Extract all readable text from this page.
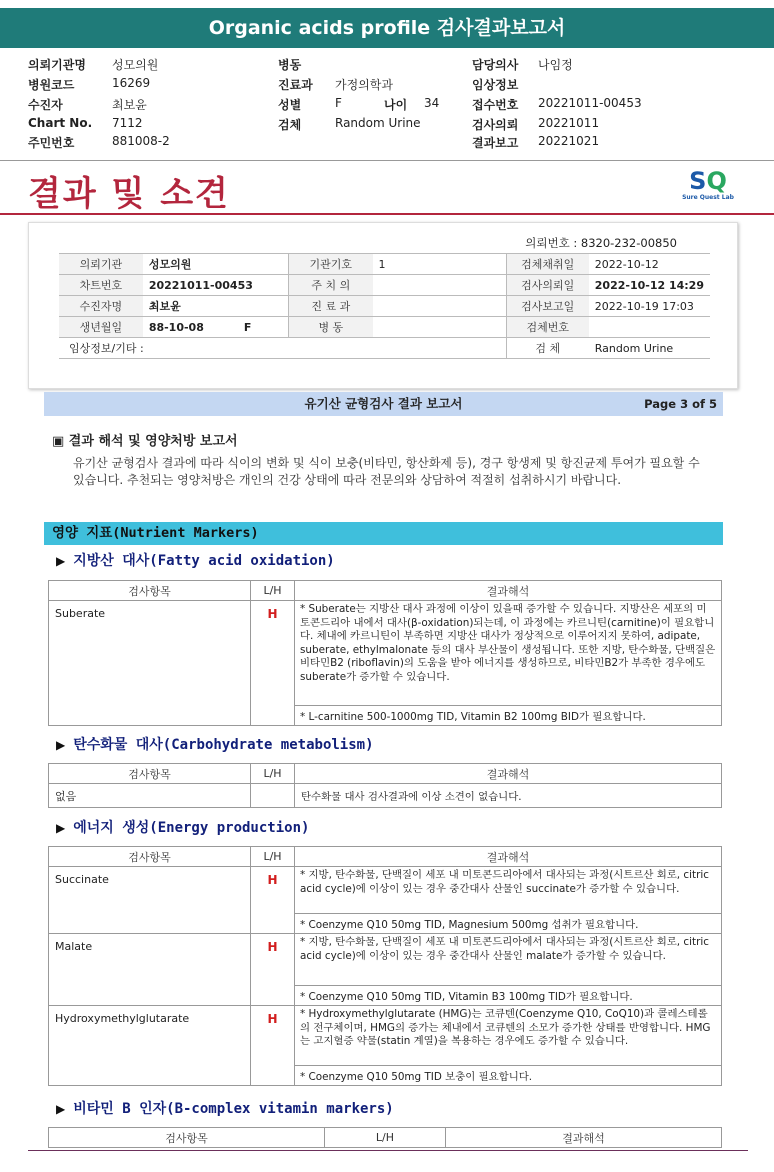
Organic acids profile 검사결과보고서
의뢰기관명 성모의원
병원코드	16269
수진자	최보윤
Chart No. 7112
주민번호	881008-2
병동
진료과 가정의학과
성별	F	나이 34
검체	Random Urine
담당의사 나임정
임상정보
접수번호 20221011-00453
검사의뢰 20221011
결과보고 20221021
결과 및 소견	SQ
Sure Quest Lab
의뢰번호 : 8320-232-00850
의뢰기관	성모의원	기관기호	1	검체채취일	2022-10-12
차트번호	20221011-00453	주 치 의		검사의뢰일	2022-10-12 14:29
수진자명	최보윤	진 료 과		검사보고일	2022-10-19 17:03
생년월일	88-10-08 F	병 동		검체번호	
임상정보/기타 :				검 체	Random Urine
유기산 균형검사 결과 보고서	Page 3 of 5
▣ 결과 해석 및 영양처방 보고서
유기산 균형검사 결과에 따라 식이의 변화 및 식이 보충(비타민, 항산화제 등), 경구 항생제 및 항진균제 투여가 필요할 수 있습니다. 추천되는 영양처방은 개인의 건강 상태에 따라 전문의와 상담하여 적절히 섭취하시기 바랍니다.
영양 지표(Nutrient Markers)
▶ 지방산 대사(Fatty acid oxidation)
검사항목	L/H	결과해석
Suberate	H	* Suberate는 지방산 대사 과정에 이상이 있을때 증가할 수 있습니다. 지방산은 세포의 미토콘드리아 내에서 대사(β-oxidation)되는데, 이 과정에는 카르니틴(carnitine)이 필요합니다. 체내에 카르니틴이 부족하면 지방산 대사가 정상적으로 이루어지지 못하여, adipate, suberate, ethylmalonate 등의 대사 부산물이 생성됩니다. 또한 지방, 탄수화물, 단백질은 비타민B2 (riboflavin)의 도움을 받아 에너지를 생성하므로, 비타민B2가 부족한 경우에도 suberate가 증가할 수 있습니다.
		* L-carnitine 500-1000mg TID, Vitamin B2 100mg BID가 필요합니다.
▶ 탄수화물 대사(Carbohydrate metabolism)
검사항목	L/H	결과해석
없음		탄수화물 대사 검사결과에 이상 소견이 없습니다.
▶ 에너지 생성(Energy production)
검사항목	L/H	결과해석
Succinate	H	* 지방, 탄수화물, 단백질이 세포 내 미토콘드리아에서 대사되는 과정(시트르산 회로, citric acid cycle)에 이상이 있는 경우 중간대사 산물인 succinate가 증가할 수 있습니다.
		* Coenzyme Q10 50mg TID, Magnesium 500mg 섭취가 필요합니다.
Malate	H	* 지방, 탄수화물, 단백질이 세포 내 미토콘드리아에서 대사되는 과정(시트르산 회로, citric acid cycle)에 이상이 있는 경우 중간대사 산물인 malate가 증가할 수 있습니다.
		* Coenzyme Q10 50mg TID, Vitamin B3 100mg TID가 필요합니다.
Hydroxymethylglutarate	H	* Hydroxymethylglutarate (HMG)는 코큐텐(Coenzyme Q10, CoQ10)과 콜레스테롤의 전구체이며, HMG의 증가는 체내에서 코큐텐의 소모가 증가한 상태를 반영합니다. HMG는 고지혈증 약물(statin 계열)을 복용하는 경우에도 증가할 수 있습니다.
		* Coenzyme Q10 50mg TID 보충이 필요합니다.
▶ 비타민 B 인자(B-complex vitamin markers)
검사항목	L/H	결과해석
